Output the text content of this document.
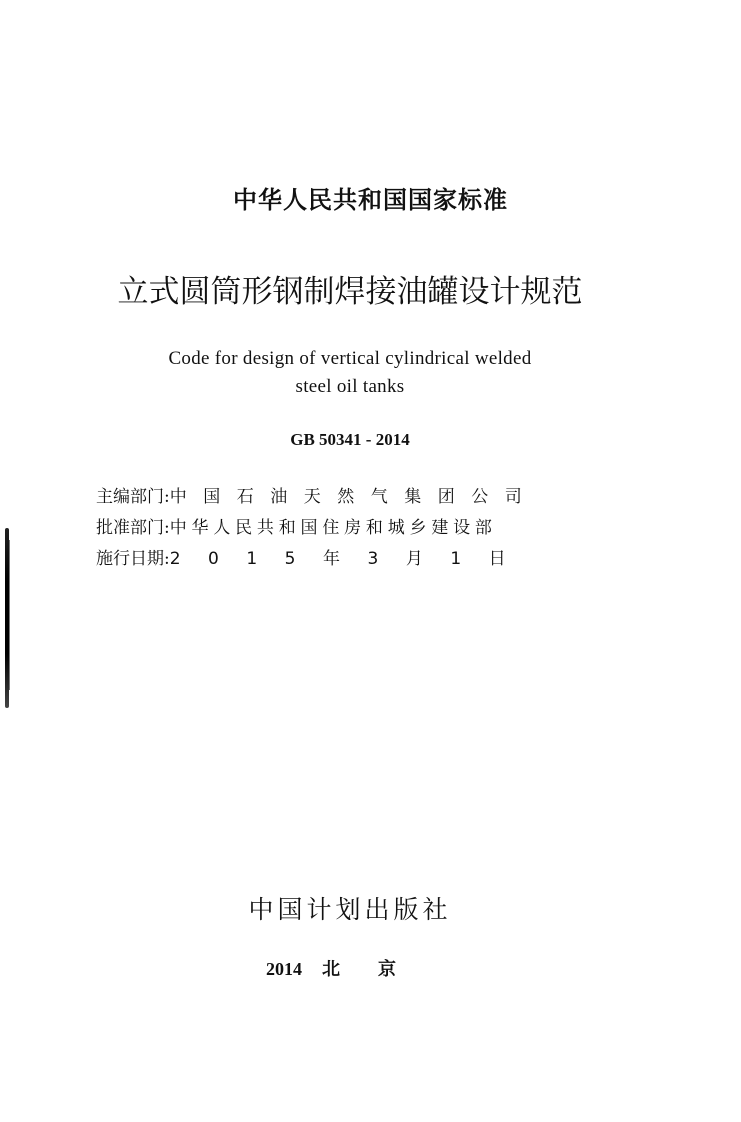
中华人民共和国国家标准
立式圆筒形钢制焊接油罐设计规范
Code for design of vertical cylindrical welded
steel oil tanks
GB 50341 - 2014
主编部门:中国石油天然气集团公司
批准部门:中华人民共和国住房和城乡建设部
施行日期:2015年3月1日
中国计划出版社
2014 北京
